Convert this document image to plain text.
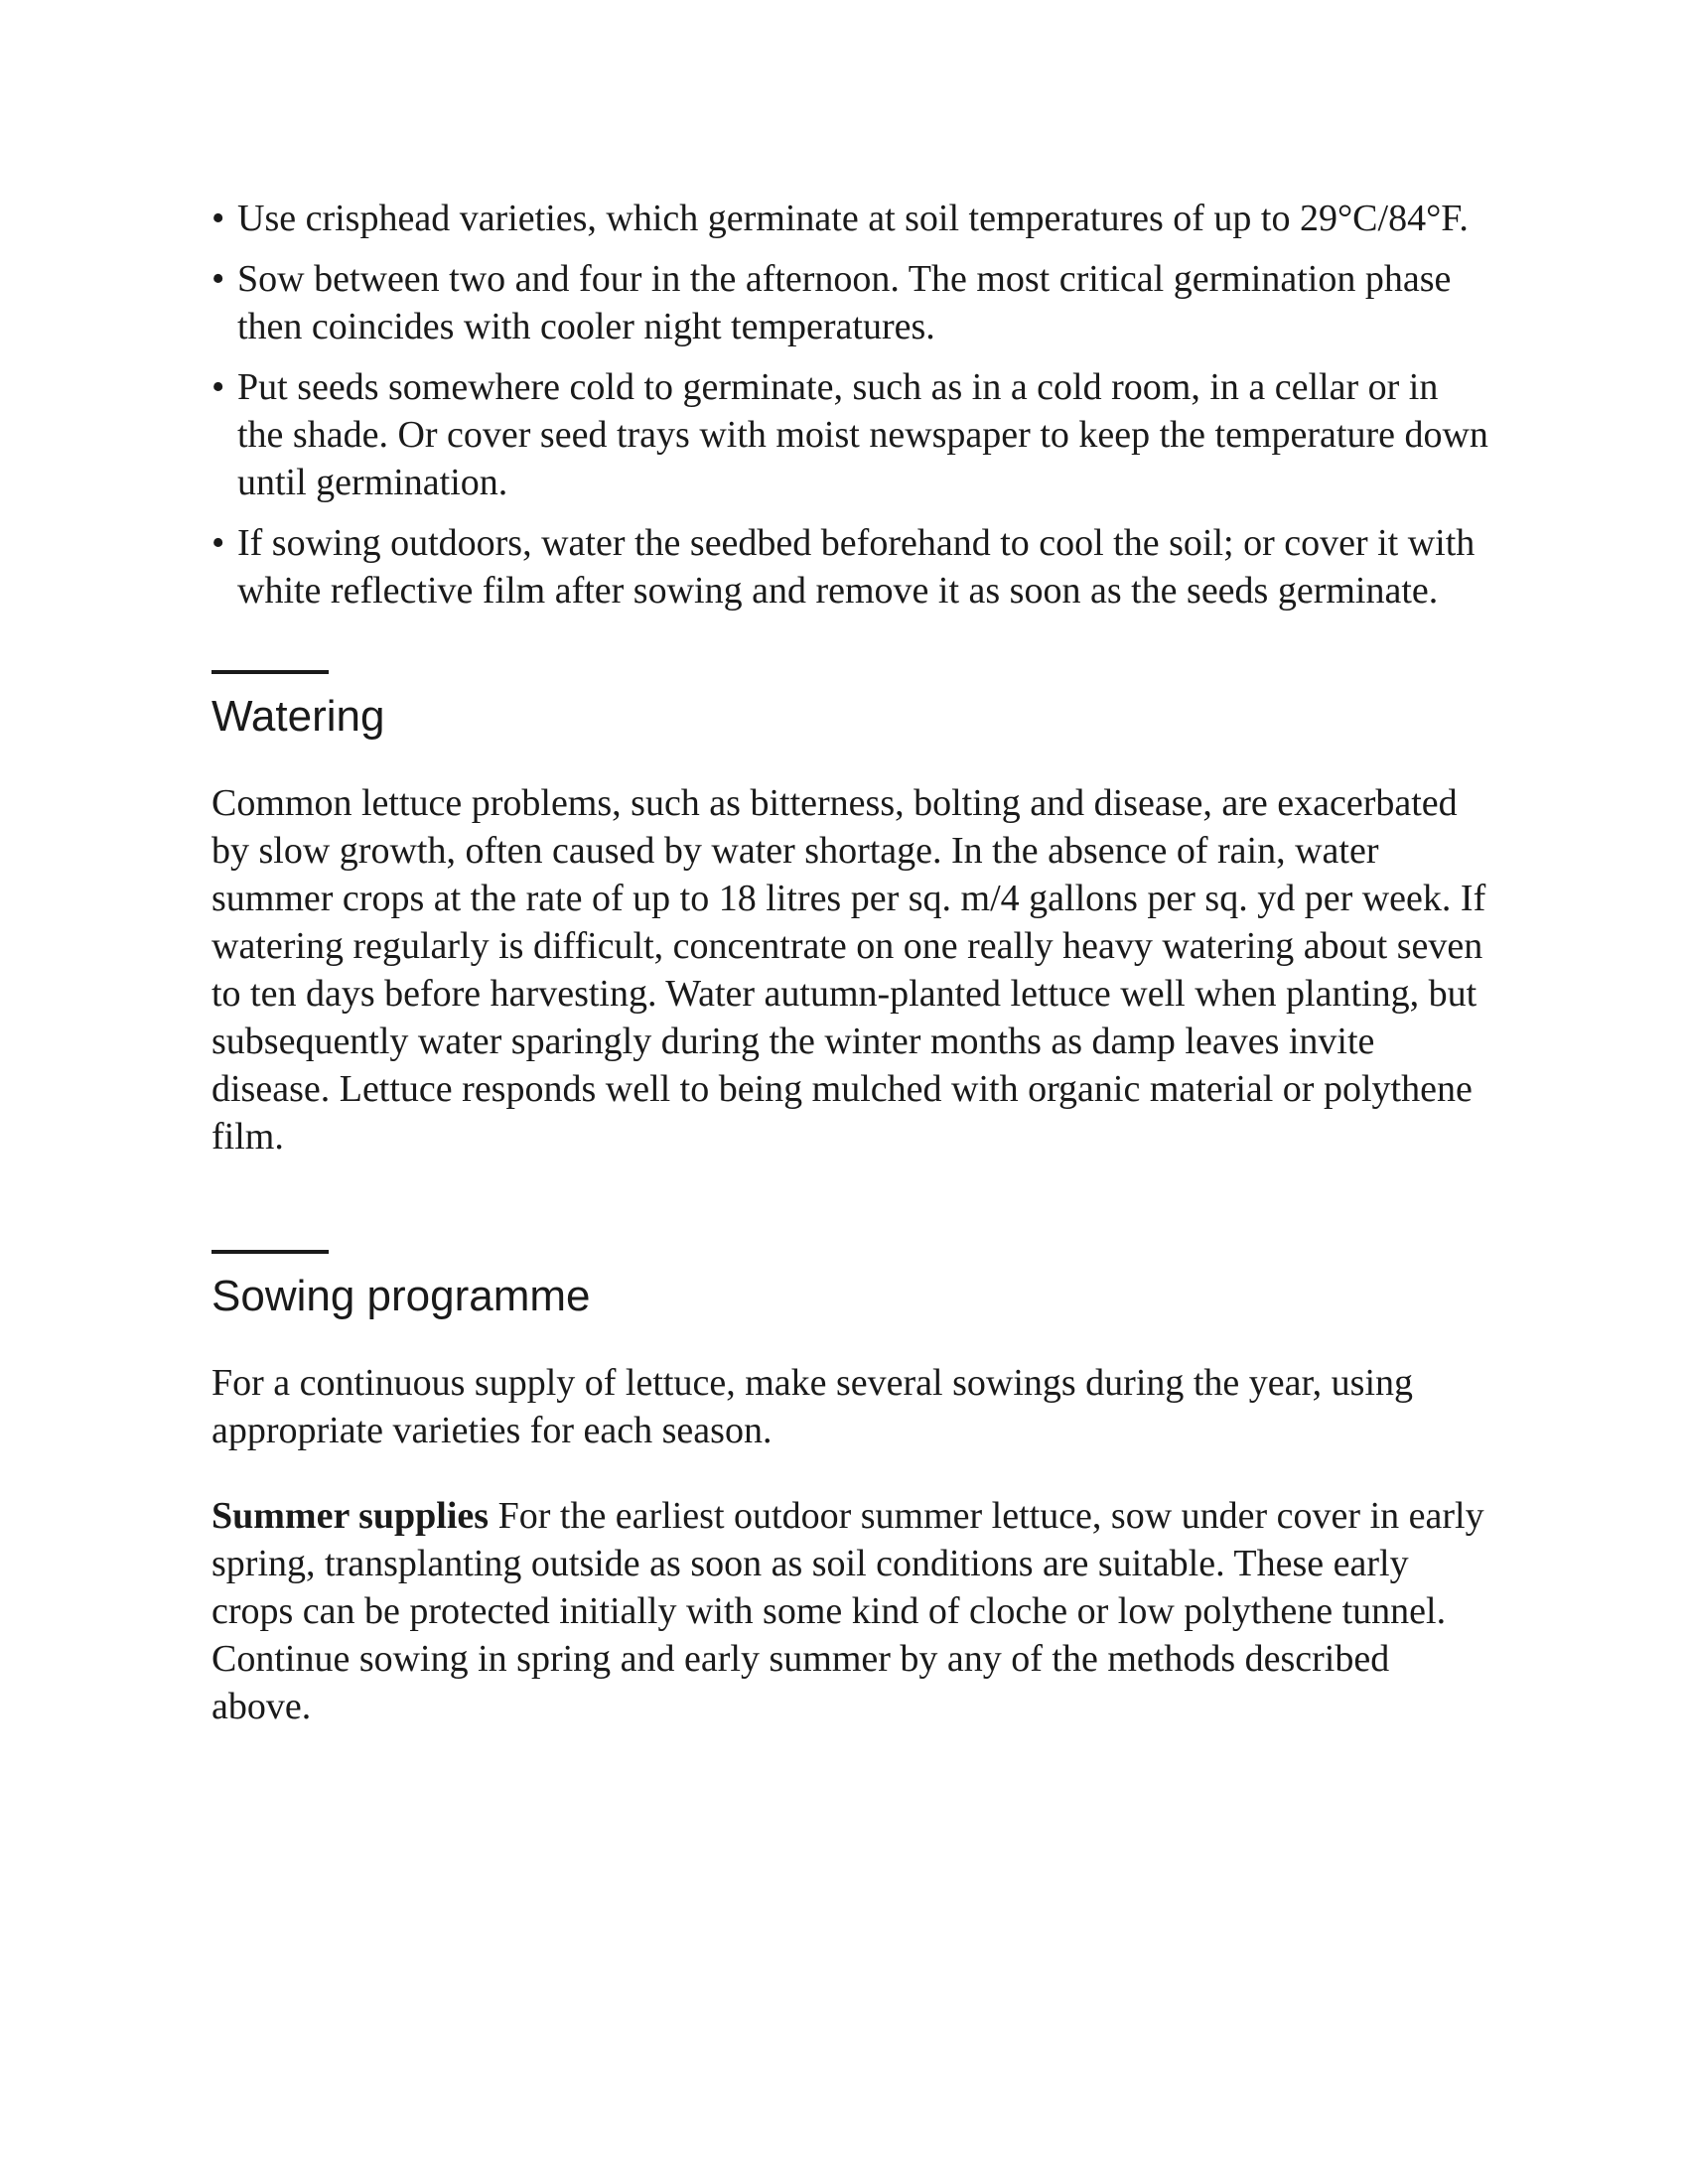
• Use crisphead varieties, which germinate at soil temperatures of up to 29°C/84°F.
• Sow between two and four in the afternoon. The most critical germination phase then coincides with cooler night temperatures.
• Put seeds somewhere cold to germinate, such as in a cold room, in a cellar or in the shade. Or cover seed trays with moist newspaper to keep the temperature down until germination.
• If sowing outdoors, water the seedbed beforehand to cool the soil; or cover it with white reflective film after sowing and remove it as soon as the seeds germinate.
Watering

Common lettuce problems, such as bitterness, bolting and disease, are exacerbated by slow growth, often caused by water shortage. In the absence of rain, water summer crops at the rate of up to 18 litres per sq. m/4 gallons per sq. yd per week. If watering regularly is difficult, concentrate on one really heavy watering about seven to ten days before harvesting. Water autumn-planted lettuce well when planting, but subsequently water sparingly during the winter months as damp leaves invite disease. Lettuce responds well to being mulched with organic material or polythene film.

Sowing programme

For a continuous supply of lettuce, make several sowings during the year, using appropriate varieties for each season.

Summer supplies For the earliest outdoor summer lettuce, sow under cover in early spring, transplanting outside as soon as soil conditions are suitable. These early crops can be protected initially with some kind of cloche or low polythene tunnel. Continue sowing in spring and early summer by any of the methods described above.
